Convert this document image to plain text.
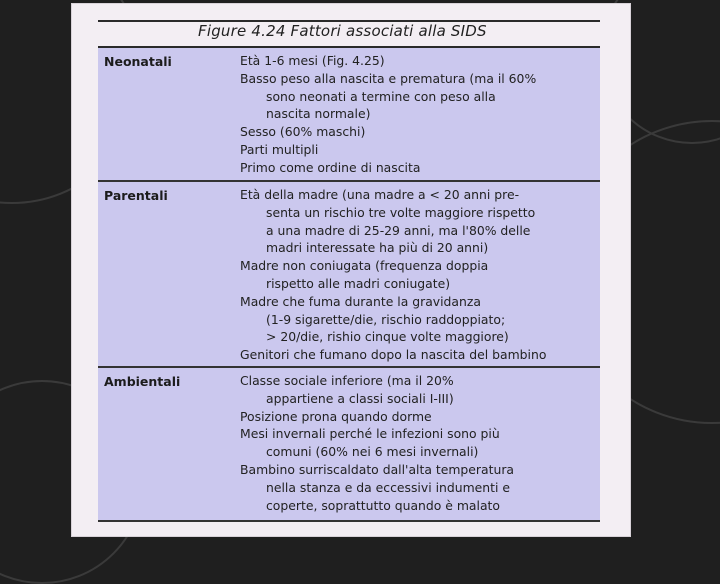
Figure 4.24 Fattori associati alla SIDS
Neonatali	Età 1-6 mesi (Fig. 4.25)
Basso peso alla nascita e prematura (ma il 60%
sono neonati a termine con peso alla
nascita normale)
Sesso (60% maschi)
Parti multipli
Primo come ordine di nascita
Parentali	Età della madre (una madre a < 20 anni pre-
senta un rischio tre volte maggiore rispetto
a una madre di 25-29 anni, ma l'80% delle
madri interessate ha più di 20 anni)
Madre non coniugata (frequenza doppia
rispetto alle madri coniugate)
Madre che fuma durante la gravidanza
(1-9 sigarette/die, rischio raddoppiato;
> 20/die, rishio cinque volte maggiore)
Genitori che fumano dopo la nascita del bambino
Ambientali	Classe sociale inferiore (ma il 20%
appartiene a classi sociali I-III)
Posizione prona quando dorme
Mesi invernali perché le infezioni sono più
comuni (60% nei 6 mesi invernali)
Bambino surriscaldato dall'alta temperatura
nella stanza e da eccessivi indumenti e
coperte, soprattutto quando è malato
